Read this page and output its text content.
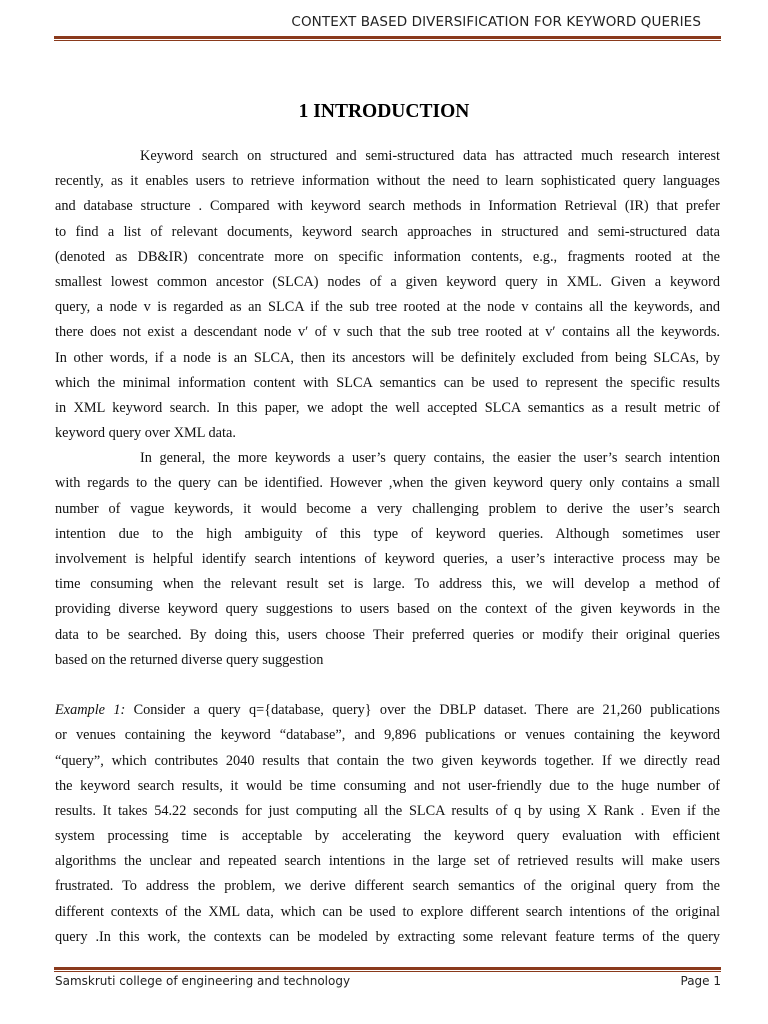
CONTEXT BASED DIVERSIFICATION FOR KEYWORD QUERIES
1 INTRODUCTION
Keyword search on structured and semi-structured data has attracted much research interest
recently, as it enables users to retrieve information without the need to learn sophisticated query languages
and database structure . Compared with keyword search methods in Information Retrieval (IR) that prefer
to find a list of relevant documents, keyword search approaches in structured and semi-structured data
(denoted as DB&IR) concentrate more on specific information contents, e.g., fragments rooted at the
smallest lowest common ancestor (SLCA) nodes of a given keyword query in XML. Given a keyword
query, a node v is regarded as an SLCA if the sub tree rooted at the node v contains all the keywords, and
there does not exist a descendant node v′ of v such that the sub tree rooted at v′ contains all the keywords.
In other words, if a node is an SLCA, then its ancestors will be definitely excluded from being SLCAs, by
which the minimal information content with SLCA semantics can be used to represent the specific results
in XML keyword search. In this paper, we adopt the well accepted SLCA semantics as a result metric of
keyword query over XML data.
In general, the more keywords a user’s query contains, the easier the user’s search intention
with regards to the query can be identified. However ,when the given keyword query only contains a small
number of vague keywords, it would become a very challenging problem to derive the user’s search
intention due to the high ambiguity of this type of keyword queries. Although sometimes user
involvement is helpful identify search intentions of keyword queries, a user’s interactive process may be
time consuming when the relevant result set is large. To address this, we will develop a method of
providing diverse keyword query suggestions to users based on the context of the given keywords in the
data to be searched. By doing this, users choose Their preferred queries or modify their original queries
based on the returned diverse query suggestion
Example 1: Consider a query q={database, query} over the DBLP dataset. There are 21,260 publications
or venues containing the keyword “database”, and 9,896 publications or venues containing the keyword
“query”, which contributes 2040 results that contain the two given keywords together. If we directly read
the keyword search results, it would be time consuming and not user-friendly due to the huge number of
results. It takes 54.22 seconds for just computing all the SLCA results of q by using X Rank . Even if the
system processing time is acceptable by accelerating the keyword query evaluation with efficient
algorithms the unclear and repeated search intentions in the large set of retrieved results will make users
frustrated. To address the problem, we derive different search semantics of the original query from the
different contexts of the XML data, which can be used to explore different search intentions of the original
query .In this work, the contexts can be modeled by extracting some relevant feature terms of the query
Samskruti college of engineering and technology	Page 1
